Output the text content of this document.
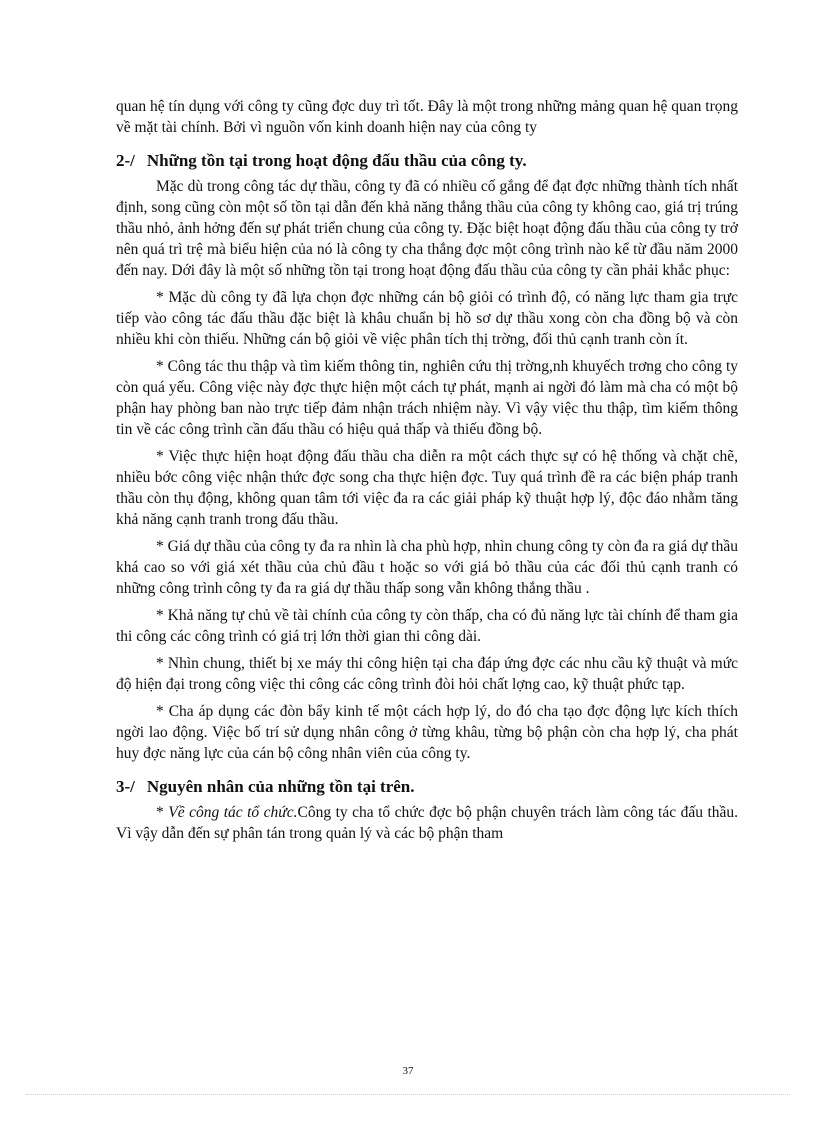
quan hệ tín dụng với công ty cũng đợc duy trì tốt. Đây là một trong những mảng quan hệ quan trọng về mặt tài chính. Bởi vì nguồn vốn kinh doanh hiện nay của công ty

2-/ Những tồn tại trong hoạt động đấu thầu của công ty.

Mặc dù trong công tác dự thầu, công ty đã có nhiều cố gắng để đạt đợc những thành tích nhất định, song cũng còn một số tồn tại dẫn đến khả năng thắng thầu của công ty không cao, giá trị trúng thầu nhỏ, ảnh hởng đến sự phát triển chung của công ty. Đặc biệt hoạt động đấu thầu của công ty trở nên quá trì trệ mà biểu hiện của nó là công ty cha thắng đợc một công trình nào kể từ đầu năm 2000 đến nay. Dới đây là một số những tồn tại trong hoạt động đấu thầu của công ty cần phải khắc phục:

* Mặc dù công ty đã lựa chọn đợc những cán bộ giỏi có trình độ, có năng lực tham gia trực tiếp vào công tác đấu thầu đặc biệt là khâu chuẩn bị hồ sơ dự thầu xong còn cha đồng bộ và còn nhiều khi còn thiếu. Những cán bộ giỏi về việc phân tích thị trờng, đối thủ cạnh tranh còn ít.

* Công tác thu thập và tìm kiếm thông tin, nghiên cứu thị trờng,nh khuyếch trơng cho công ty còn quá yếu. Công việc này đợc thực hiện một cách tự phát, mạnh ai ngời đó làm mà cha có một bộ phận hay phòng ban nào trực tiếp đảm nhận trách nhiệm này. Vì vậy việc thu thập, tìm kiếm thông tin về các công trình cần đấu thầu có hiệu quả thấp và thiếu đồng bộ.

* Việc thực hiện hoạt động đấu thầu cha diễn ra một cách thực sự có hệ thống và chặt chẽ, nhiều bớc công việc nhận thức đợc song cha thực hiện đợc. Tuy quá trình đề ra các biện pháp tranh thầu còn thụ động, không quan tâm tới việc đa ra các giải pháp kỹ thuật hợp lý, độc đáo nhằm tăng khả năng cạnh tranh trong đấu thầu.

* Giá dự thầu của công ty đa ra nhìn là cha phù hợp, nhìn chung công ty còn đa ra giá dự thầu khá cao so với giá xét thầu của chủ đầu t hoặc so với giá bỏ thầu của các đối thủ cạnh tranh có những công trình công ty đa ra giá dự thầu thấp song vẫn không thắng thầu .

* Khả năng tự chủ về tài chính của công ty còn thấp, cha có đủ năng lực tài chính để tham gia thi công các công trình có giá trị lớn thời gian thi công dài.

* Nhìn chung, thiết bị xe máy thi công hiện tại cha đáp ứng đợc các nhu cầu kỹ thuật và mức độ hiện đại trong công việc thi công các công trình đòi hỏi chất lợng cao, kỹ thuật phức tạp.

* Cha áp dụng các đòn bẩy kinh tế một cách hợp lý, do đó cha tạo đợc động lực kích thích ngời lao động. Việc bố trí sử dụng nhân công ở từng khâu, từng bộ phận còn cha hợp lý, cha phát huy đợc năng lực của cán bộ công nhân viên của công ty.

3-/ Nguyên nhân của những tồn tại trên.

* Về công tác tổ chức.Công ty cha tổ chức đợc bộ phận chuyên trách làm công tác đấu thầu. Vì vậy dẫn đến sự phân tán trong quản lý và các bộ phận tham

37
